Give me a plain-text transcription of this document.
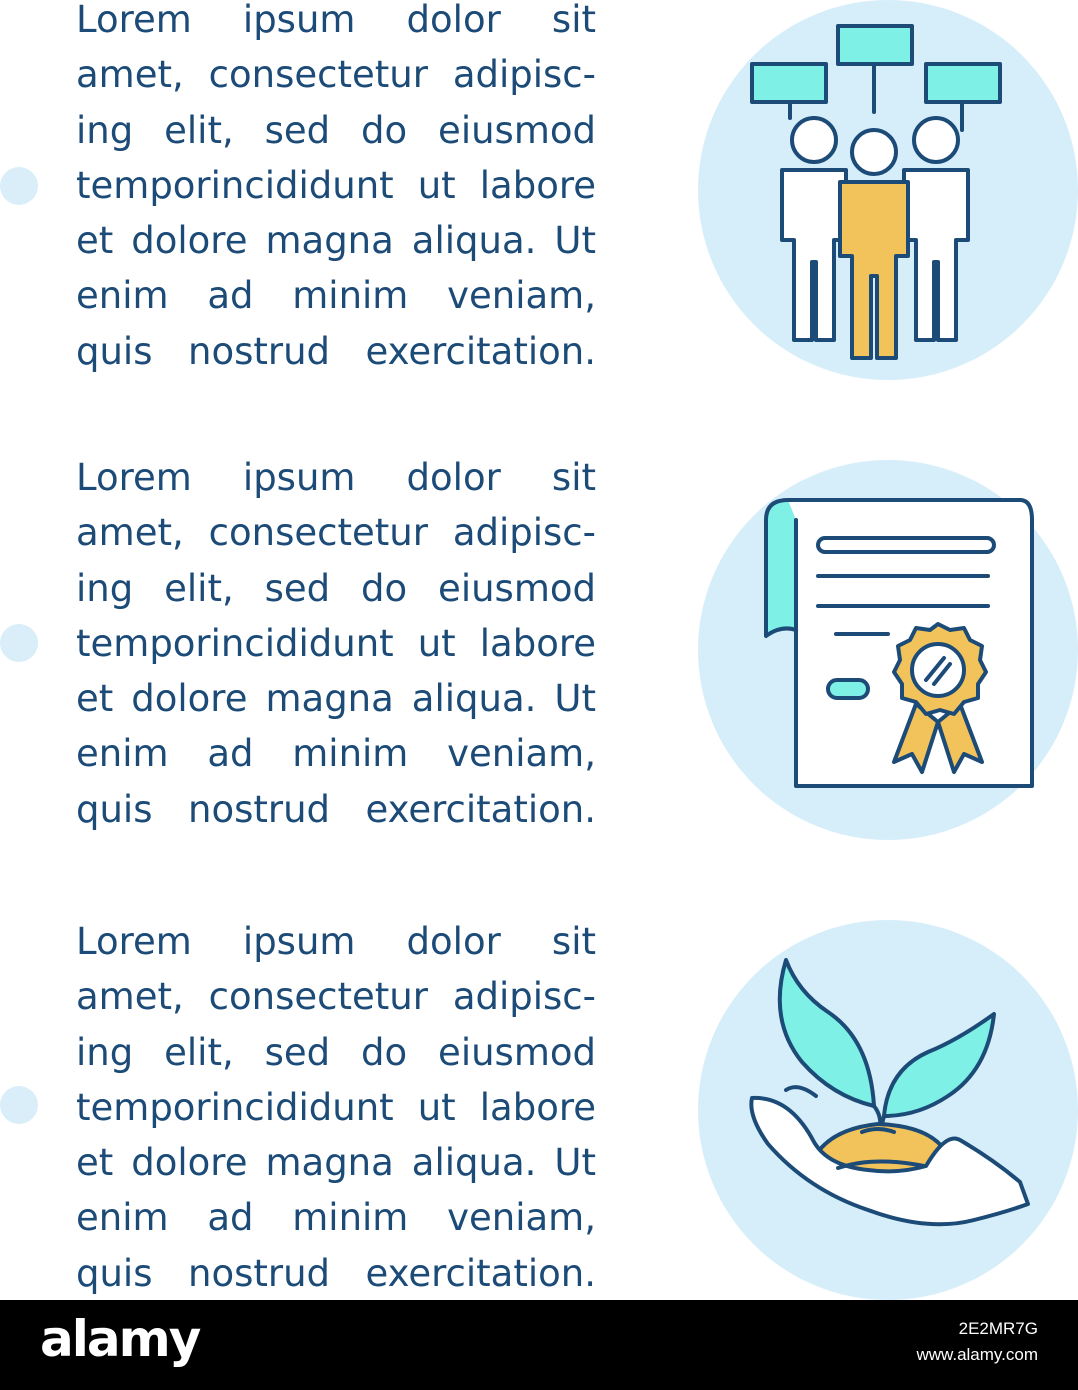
Lorem ipsum dolor sit
amet, consectetur adipisc-
ing elit, sed do eiusmod
temporincididunt ut labore
et dolore magna aliqua. Ut
enim ad minim veniam,
quis nostrud exercitation.

Lorem ipsum dolor sit
amet, consectetur adipisc-
ing elit, sed do eiusmod
temporincididunt ut labore
et dolore magna aliqua. Ut
enim ad minim veniam,
quis nostrud exercitation.

Lorem ipsum dolor sit
amet, consectetur adipisc-
ing elit, sed do eiusmod
temporincididunt ut labore
et dolore magna aliqua. Ut
enim ad minim veniam,
quis nostrud exercitation.

alamy	2E2MR7G
www.alamy.com
